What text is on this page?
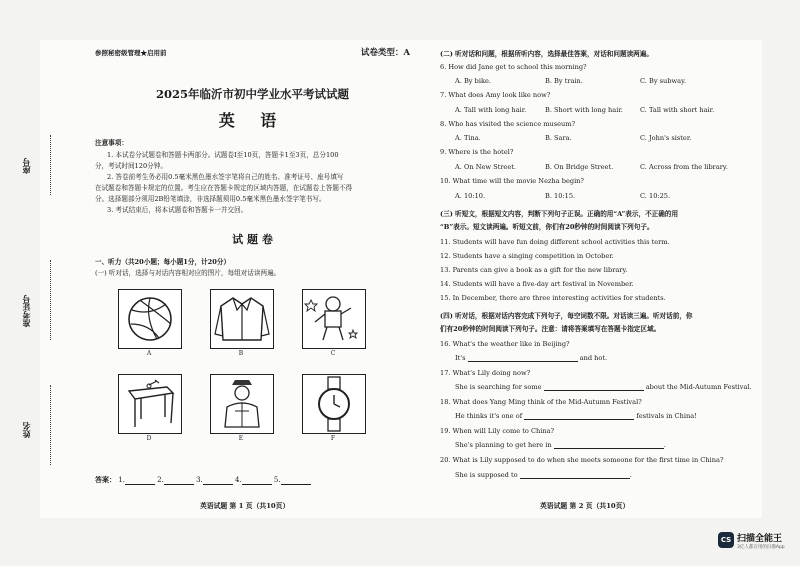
座号
准考证号
姓名
参照秘密级管理★启用前	试卷类型：A
2025年临沂市初中学业水平考试试题
英 语
注意事项：
1. 本试卷分试题卷和答题卡两部分。试题卷Ⅰ至10页，答题卡1至3页，总分100
分，考试时间120分钟。
2. 答卷前考生务必用0.5毫米黑色墨水签字笔将自己的姓名、准考证号、座号填写
在试题卷和答题卡规定的位置。考生应在答题卡规定的区域内答题，在试题卷上答题不得
分。选择题部分须用2B铅笔填涂，非选择题须用0.5毫米黑色墨水签字笔书写。
3. 考试结束后，将本试题卷和答题卡一并交回。
试 题 卷
一、听力（共20小题；每小题1分，计20分）
(一) 听对话，选择与对话内容相对应的图片，每组对话读两遍。
A	B	C
D	E	F
答案： 1.	2.	3.	4.	5.
英语试题 第 1 页（共10页）
(二) 听对话和问题，根据所听内容，选择最佳答案，对话和问题读两遍。
6. How did Jane get to school this morning?
A. By bike.	B. By train.	C. By subway.
7. What does Amy look like now?
A. Tall with long hair.	B. Short with long hair.	C. Tall with short hair.
8. Who has visited the science museum?
A. Tina.	B. Sara.	C. John's sister.
9. Where is the hotel?
A. On New Street.	B. On Bridge Street.	C. Across from the library.
10. What time will the movie Nezha begin?
A. 10:10.	B. 10:15.	C. 10:25.
(三) 听短文，根据短文内容，判断下列句子正误。正确的用“A”表示，不正确的用
“B”表示。短文读两遍。听短文前，你们有20秒钟的时间阅读下列句子。
11. Students will have fun doing different school activities this term.
12. Students have a singing competition in October.
13. Parents can give a book as a gift for the new library.
14. Students will have a five-day art festival in November.
15. In December, there are three interesting activities for students.
(四) 听对话，根据对话内容完成下列句子，每空词数不限。对话读三遍。听对话前，你
们有20秒钟的时间阅读下列句子。注意：请将答案填写在答题卡指定区域。
16. What's the weather like in Beijing?
It's	and hot.
17. What's Lily doing now?
She is searching for some	about the Mid-Autumn Festival.
18. What does Yang Ming think of the Mid-Autumn Festival?
He thinks it's one of	festivals in China!
19. When will Lily come to China?
She's planning to get here in	.
20. What is Lily supposed to do when she meets someone for the first time in China?
She is supposed to	.
英语试题 第 2 页（共10页）
CS 扫描全能王
3亿人都在用的扫描App
